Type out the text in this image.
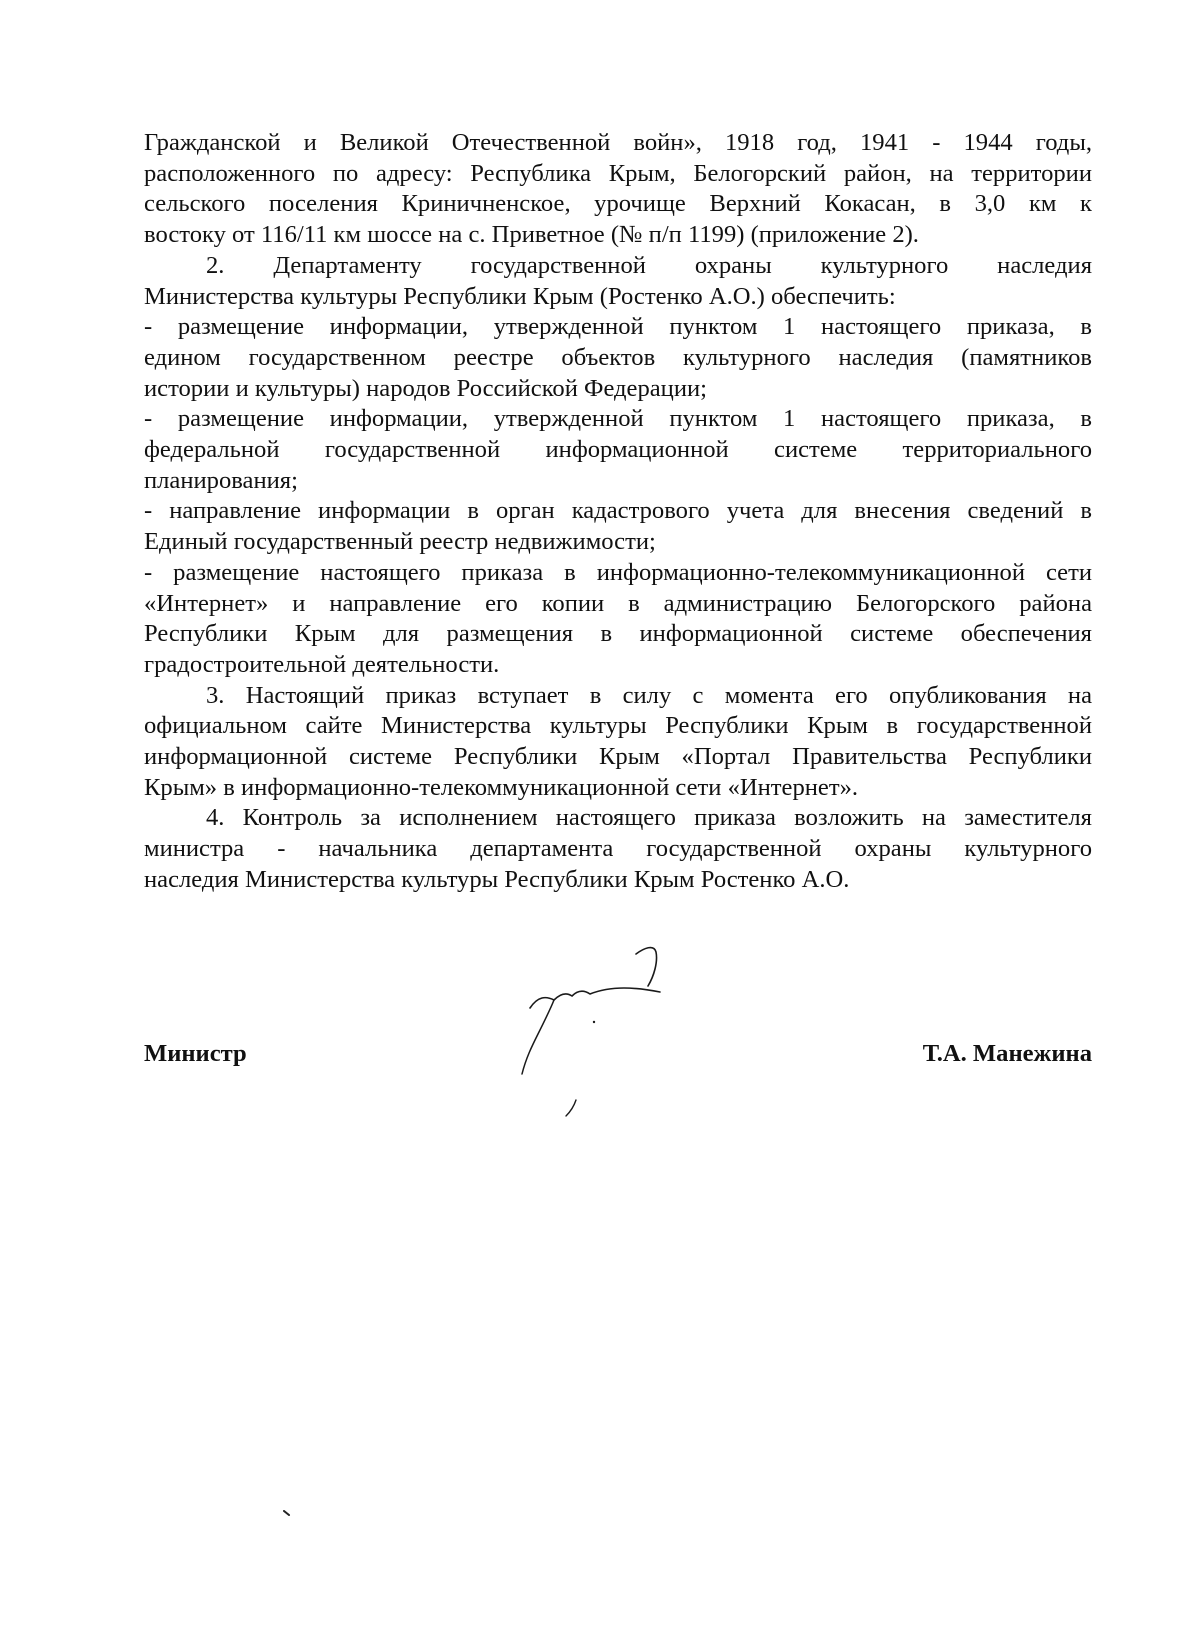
Гражданской и Великой Отечественной войн», 1918 год, 1941 - 1944 годы,

расположенного по адресу: Республика Крым, Белогорский район, на территории

сельского поселения Криничненское, урочище Верхний Кокасан, в 3,0 км к

востоку от 116/11 км шоссе на с. Приветное (№ п/п 1199) (приложение 2).

2. Департаменту государственной охраны культурного наследия

Министерства культуры Республики Крым (Ростенко А.О.) обеспечить:

- размещение информации, утвержденной пунктом 1 настоящего приказа, в

едином государственном реестре объектов культурного наследия (памятников

истории и культуры) народов Российской Федерации;

- размещение информации, утвержденной пунктом 1 настоящего приказа, в

федеральной государственной информационной системе территориального

планирования;

- направление информации в орган кадастрового учета для внесения сведений в

Единый государственный реестр недвижимости;

- размещение настоящего приказа в информационно-телекоммуникационной сети

«Интернет» и направление его копии в администрацию Белогорского района

Республики Крым для размещения в информационной системе обеспечения

градостроительной деятельности.

3. Настоящий приказ вступает в силу с момента его опубликования на

официальном сайте Министерства культуры Республики Крым в государственной

информационной системе Республики Крым «Портал Правительства Республики

Крым» в информационно-телекоммуникационной сети «Интернет».

4. Контроль за исполнением настоящего приказа возложить на заместителя

министра - начальника департамента государственной охраны культурного

наследия Министерства культуры Республики Крым Ростенко А.О.

Министр	Т.А. Манежина
